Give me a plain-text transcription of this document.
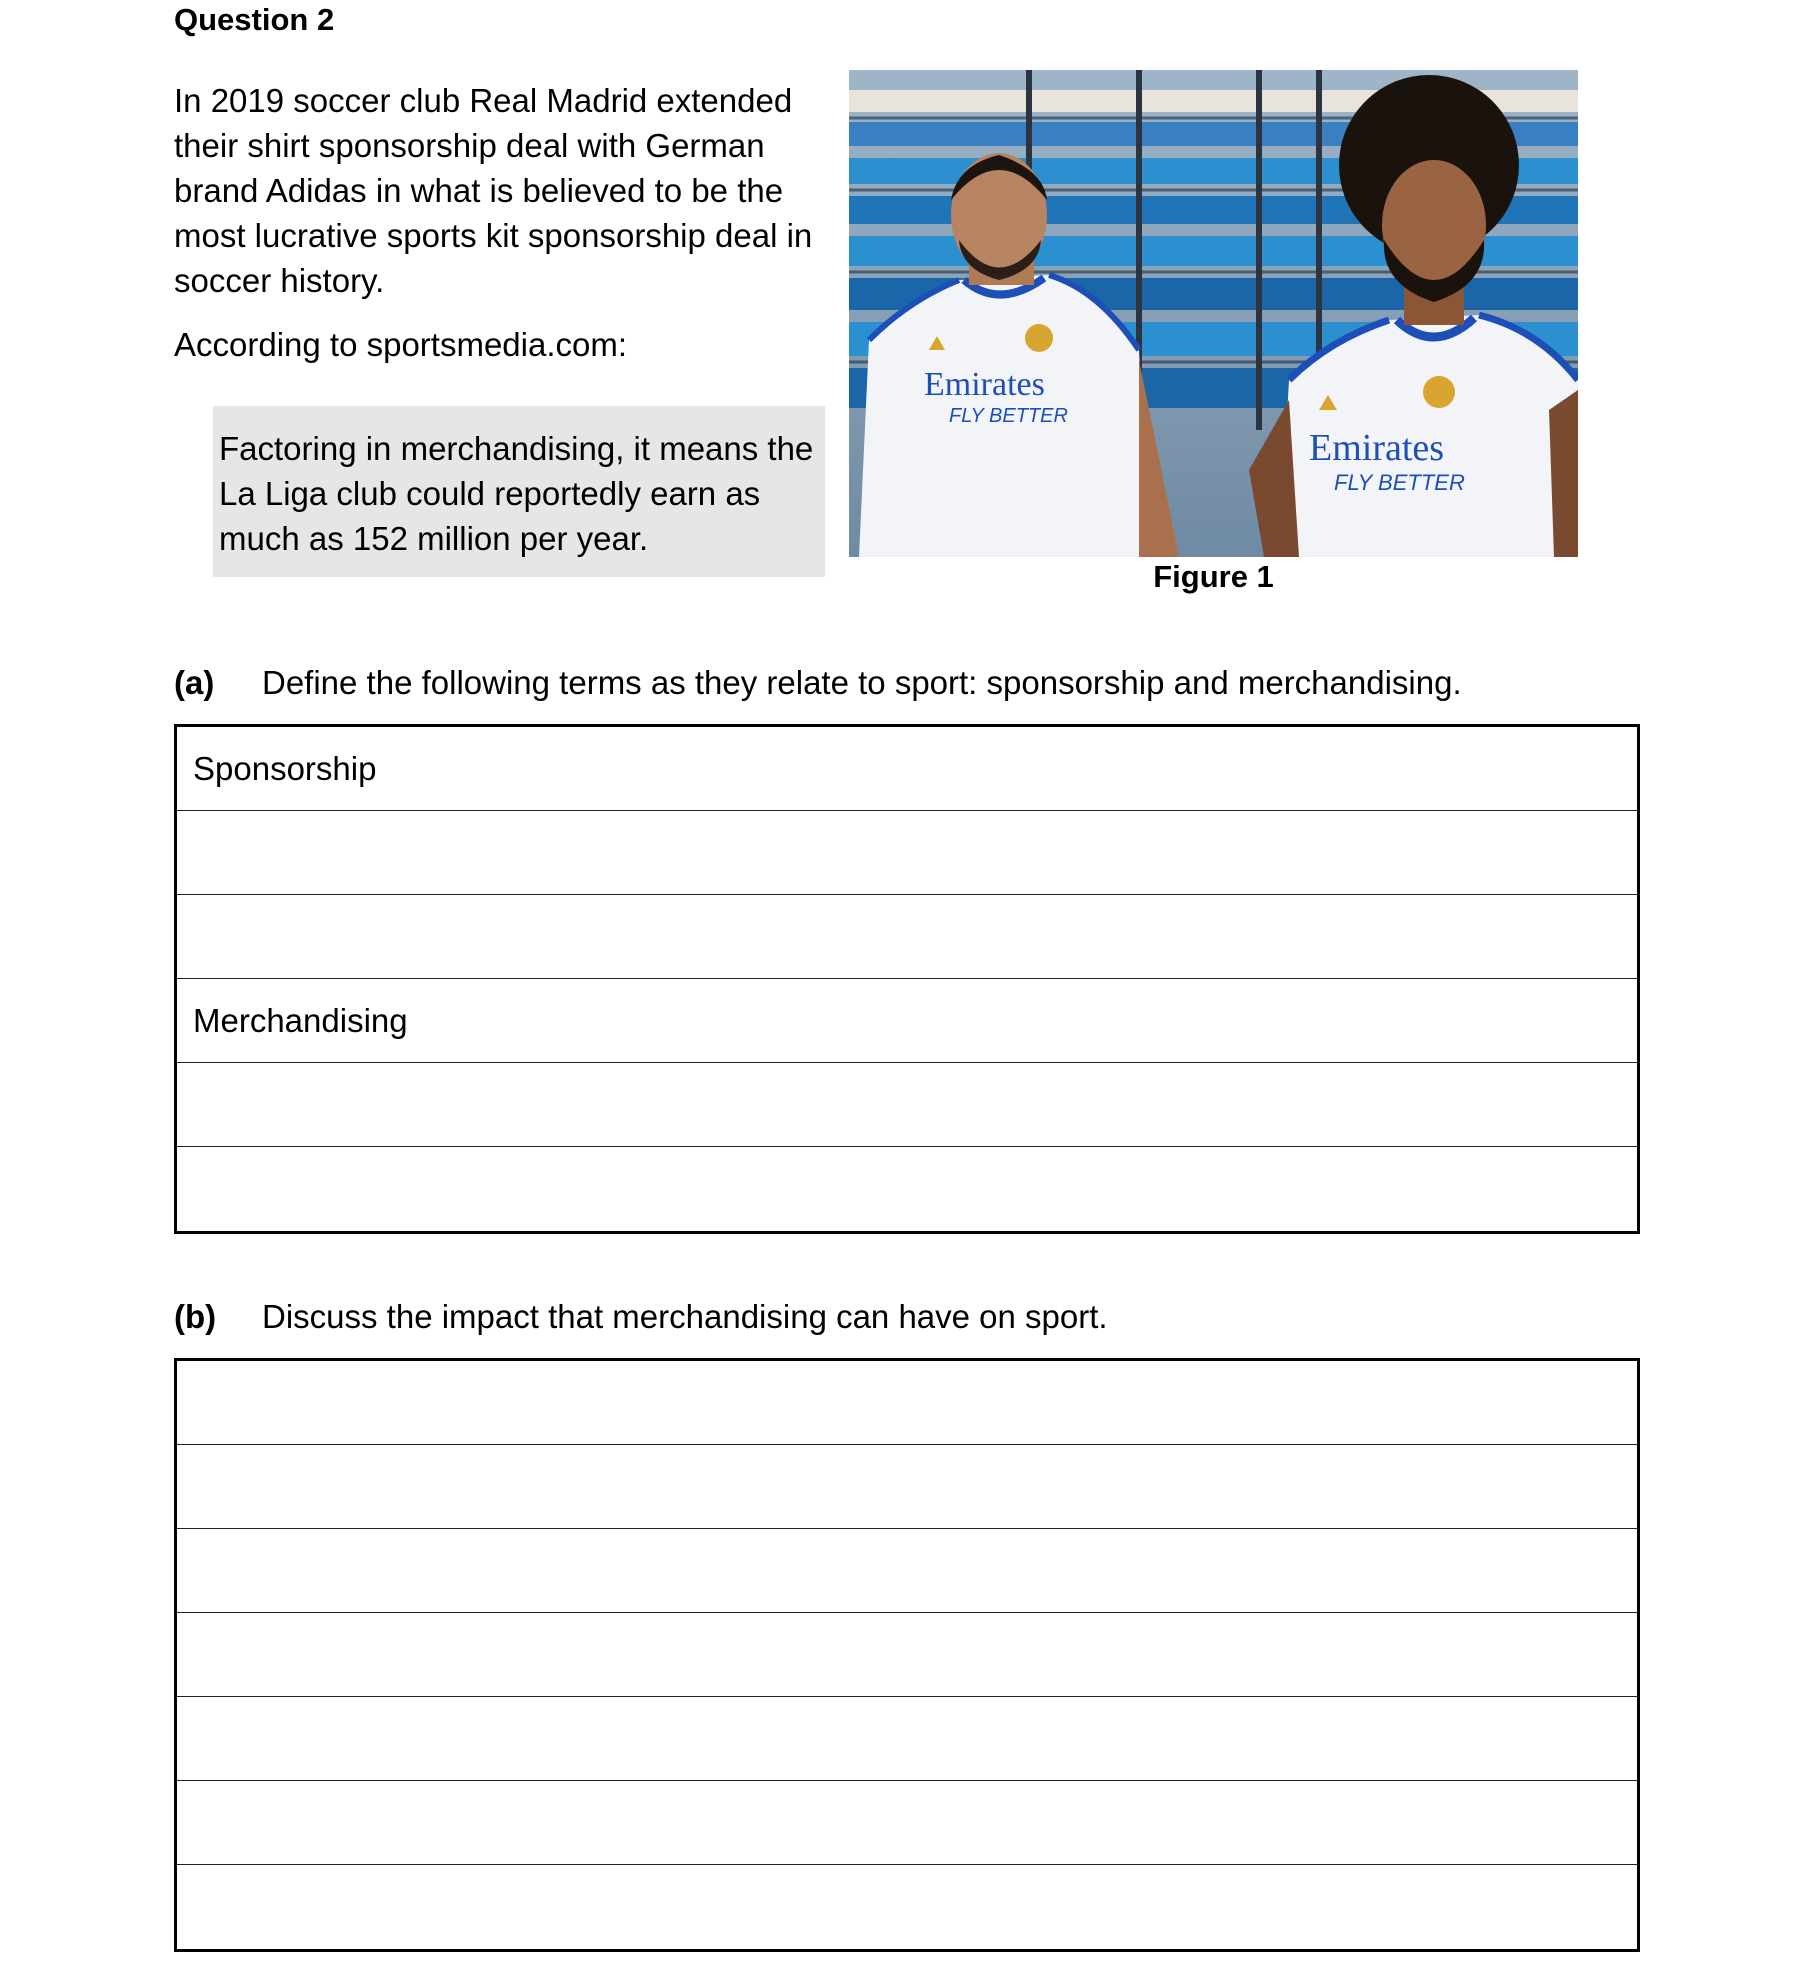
Question 2

In 2019 soccer club Real Madrid extended their shirt sponsorship deal with German brand Adidas in what is believed to be the most lucrative sports kit sponsorship deal in soccer history.

According to sportsmedia.com:
Factoring in merchandising, it means the La Liga club could reportedly earn as much as 152 million per year.
Emirates
FLY BETTER
Emirates
FLY BETTER
Figure 1
(a) Define the following terms as they relate to sport: sponsorship and merchandising.
Sponsorship
Merchandising
(b) Discuss the impact that merchandising can have on sport.
